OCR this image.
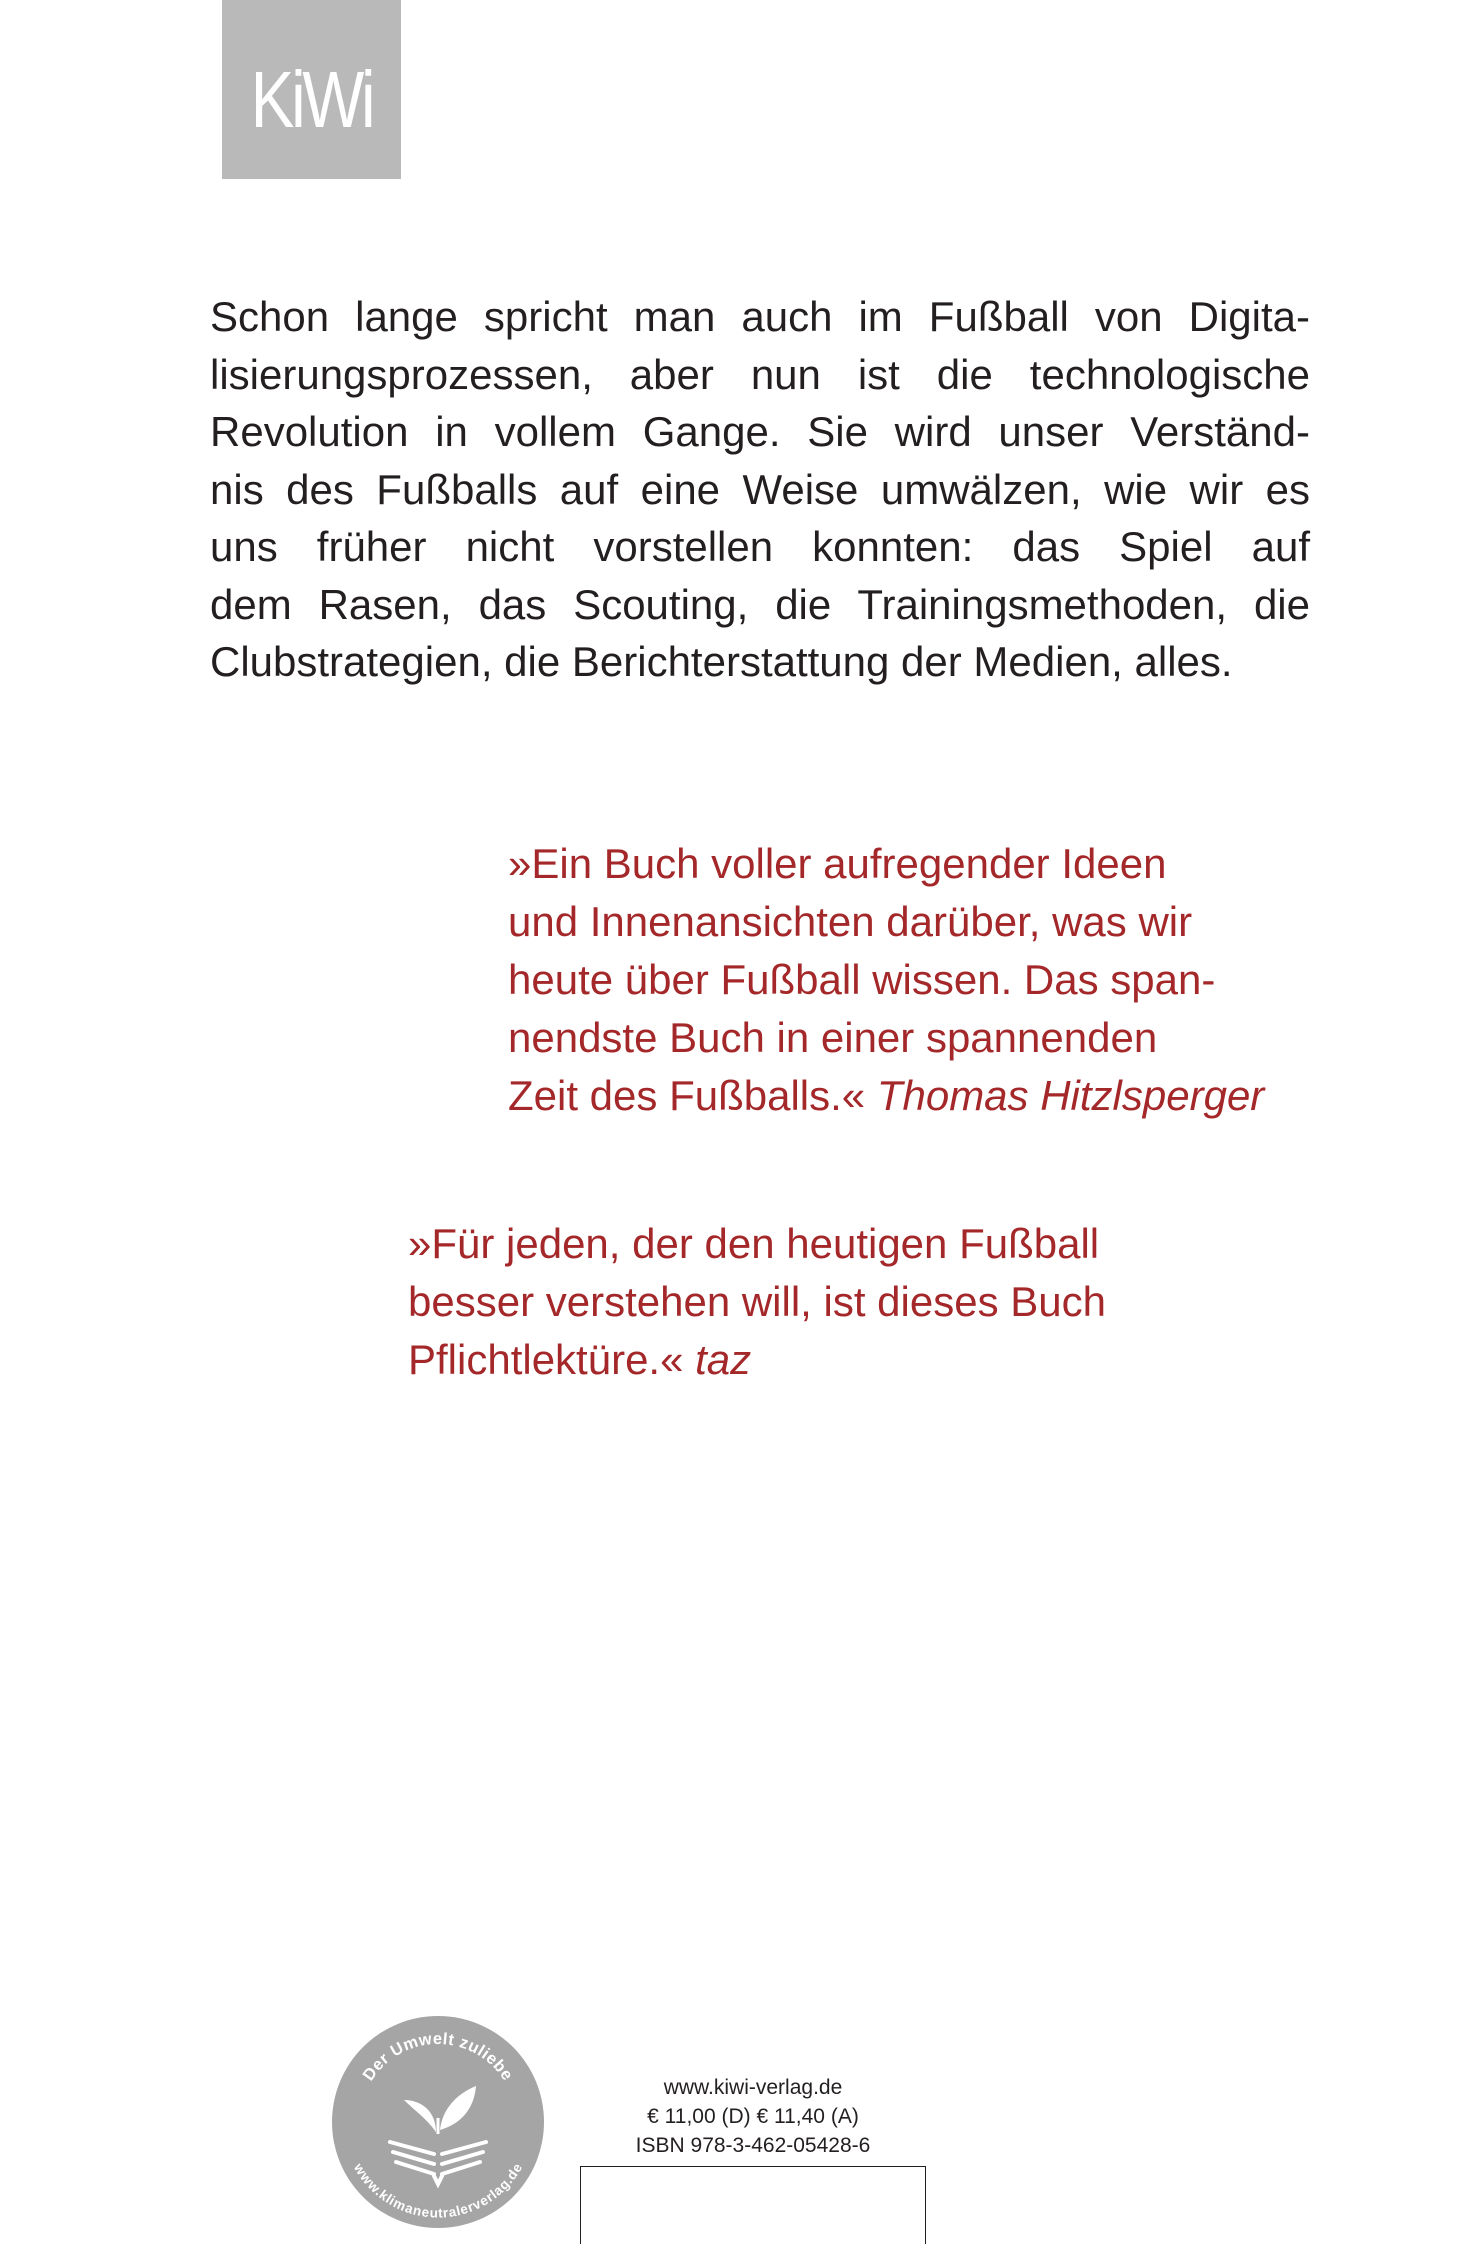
KiWi

Schon lange spricht man auch im Fußball von Digita-
lisierungsprozessen, aber nun ist die technologische
Revolution in vollem Gange. Sie wird unser Verständ-
nis des Fußballs auf eine Weise umwälzen, wie wir es
uns früher nicht vorstellen konnten: das Spiel auf
dem Rasen, das Scouting, die Trainingsmethoden, die
Clubstrategien, die Berichterstattung der Medien, alles.

»Ein Buch voller aufregender Ideen
und Innenansichten darüber, was wir
heute über Fußball wissen. Das span-
nendste Buch in einer spannenden
Zeit des Fußballs.« Thomas Hitzlsperger

»Für jeden, der den heutigen Fußball
besser verstehen will, ist dieses Buch
Pflichtlektüre.« taz

Der Umwelt zuliebe
www.klimaneutralerverlag.de
www.kiwi-verlag.de
€ 11,00 (D) € 11,40 (A)
ISBN 978-3-462-05428-6
